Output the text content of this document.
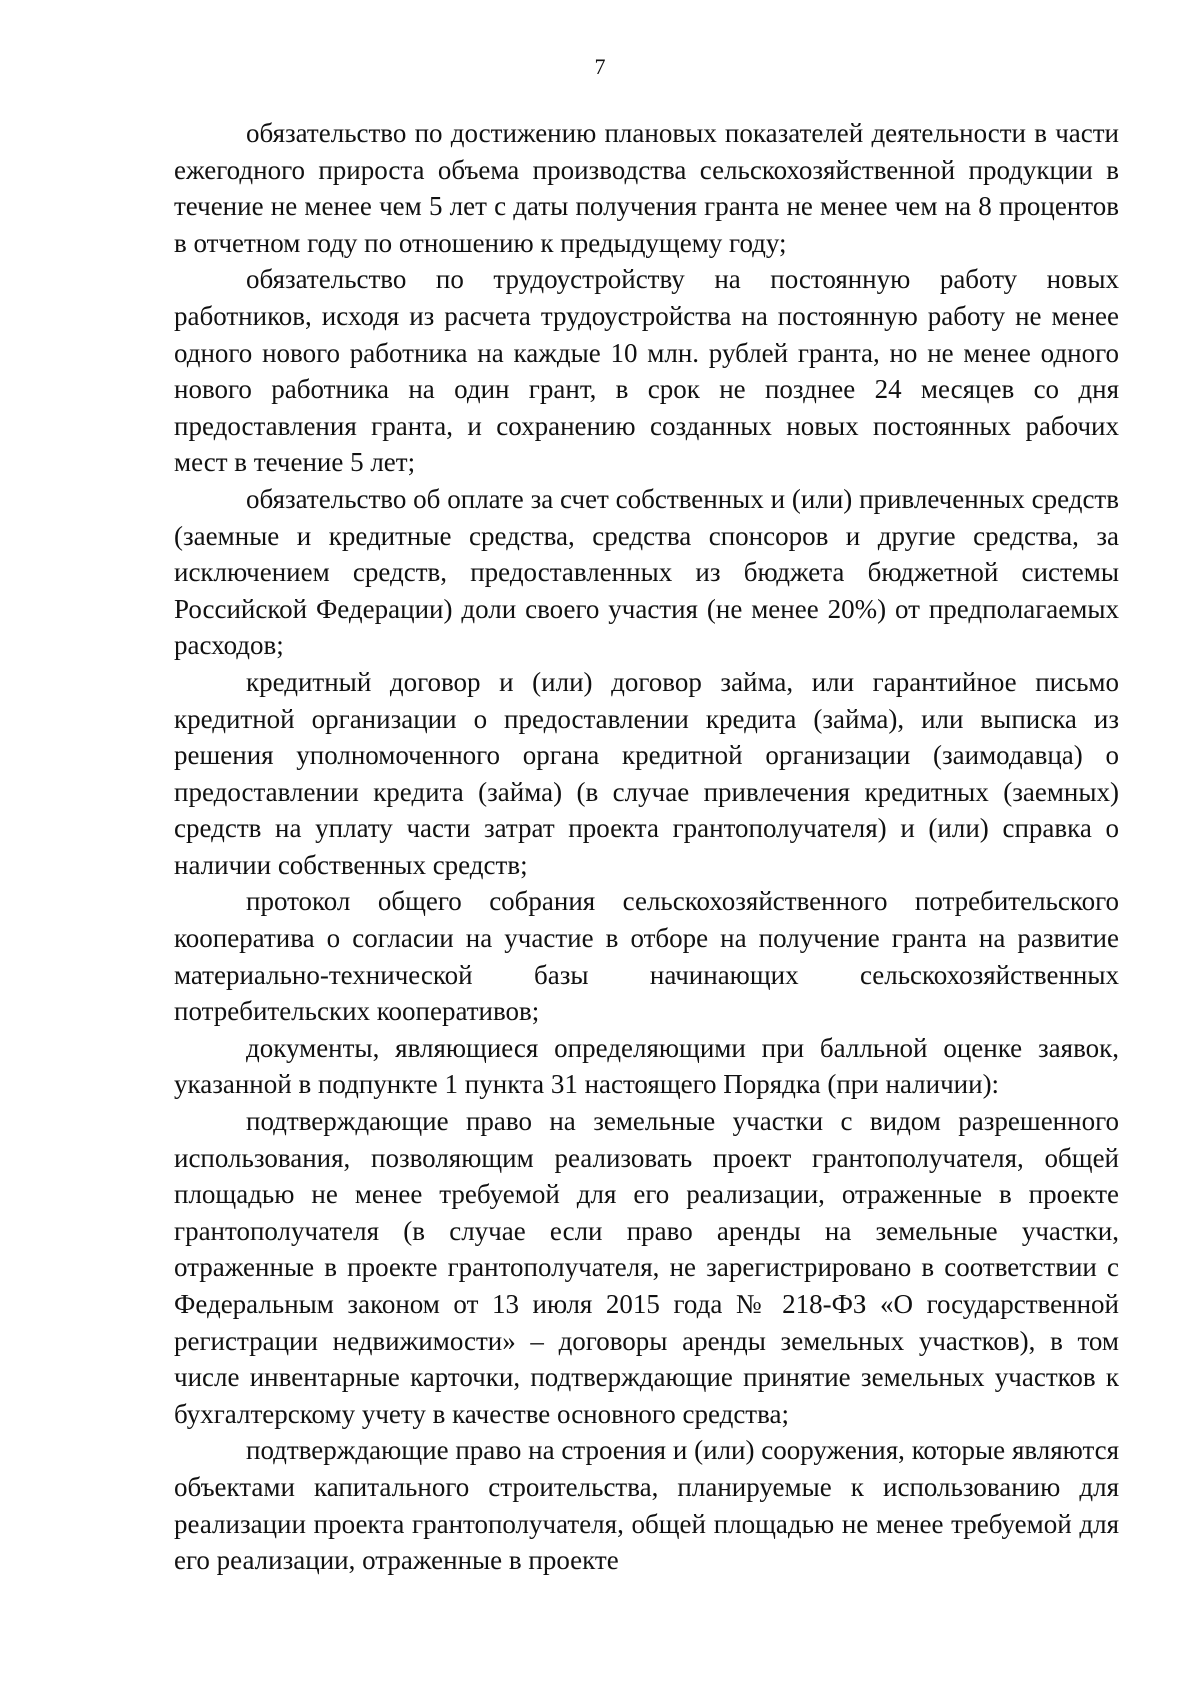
7

обязательство по достижению плановых показателей деятельности в части ежегодного прироста объема производства сельскохозяйственной продукции в течение не менее чем 5 лет с даты получения гранта не менее чем на 8 процентов в отчетном году по отношению к предыдущему году;

обязательство по трудоустройству на постоянную работу новых работников, исходя из расчета трудоустройства на постоянную работу не менее одного нового работника на каждые 10 млн. рублей гранта, но не менее одного нового работника на один грант, в срок не позднее 24 месяцев со дня предоставления гранта, и сохранению созданных новых постоянных рабочих мест в течение 5 лет;

обязательство об оплате за счет собственных и (или) привлеченных средств (заемные и кредитные средства, средства спонсоров и другие средства, за исключением средств, предоставленных из бюджета бюджетной системы Российской Федерации) доли своего участия (не менее 20%) от предполагаемых расходов;

кредитный договор и (или) договор займа, или гарантийное письмо кредитной организации о предоставлении кредита (займа), или выписка из решения уполномоченного органа кредитной организации (заимодавца) о предоставлении кредита (займа) (в случае привлечения кредитных (заемных) средств на уплату части затрат проекта грантополучателя) и (или) справка о наличии собственных средств;

протокол общего собрания сельскохозяйственного потребительского кооператива о согласии на участие в отборе на получение гранта на развитие материально-технической базы начинающих сельскохозяйственных потребительских кооперативов;

документы, являющиеся определяющими при балльной оценке заявок, указанной в подпункте 1 пункта 31 настоящего Порядка (при наличии):

подтверждающие право на земельные участки с видом разрешенного использования, позволяющим реализовать проект грантополучателя, общей площадью не менее требуемой для его реализации, отраженные в проекте грантополучателя (в случае если право аренды на земельные участки, отраженные в проекте грантополучателя, не зарегистрировано в соответствии с Федеральным законом от 13 июля 2015 года № 218-ФЗ «О государственной регистрации недвижимости» – договоры аренды земельных участков), в том числе инвентарные карточки, подтверждающие принятие земельных участков к бухгалтерскому учету в качестве основного средства;

подтверждающие право на строения и (или) сооружения, которые являются объектами капитального строительства, планируемые к использованию для реализации проекта грантополучателя, общей площадью не менее требуемой для его реализации, отраженные в проекте
